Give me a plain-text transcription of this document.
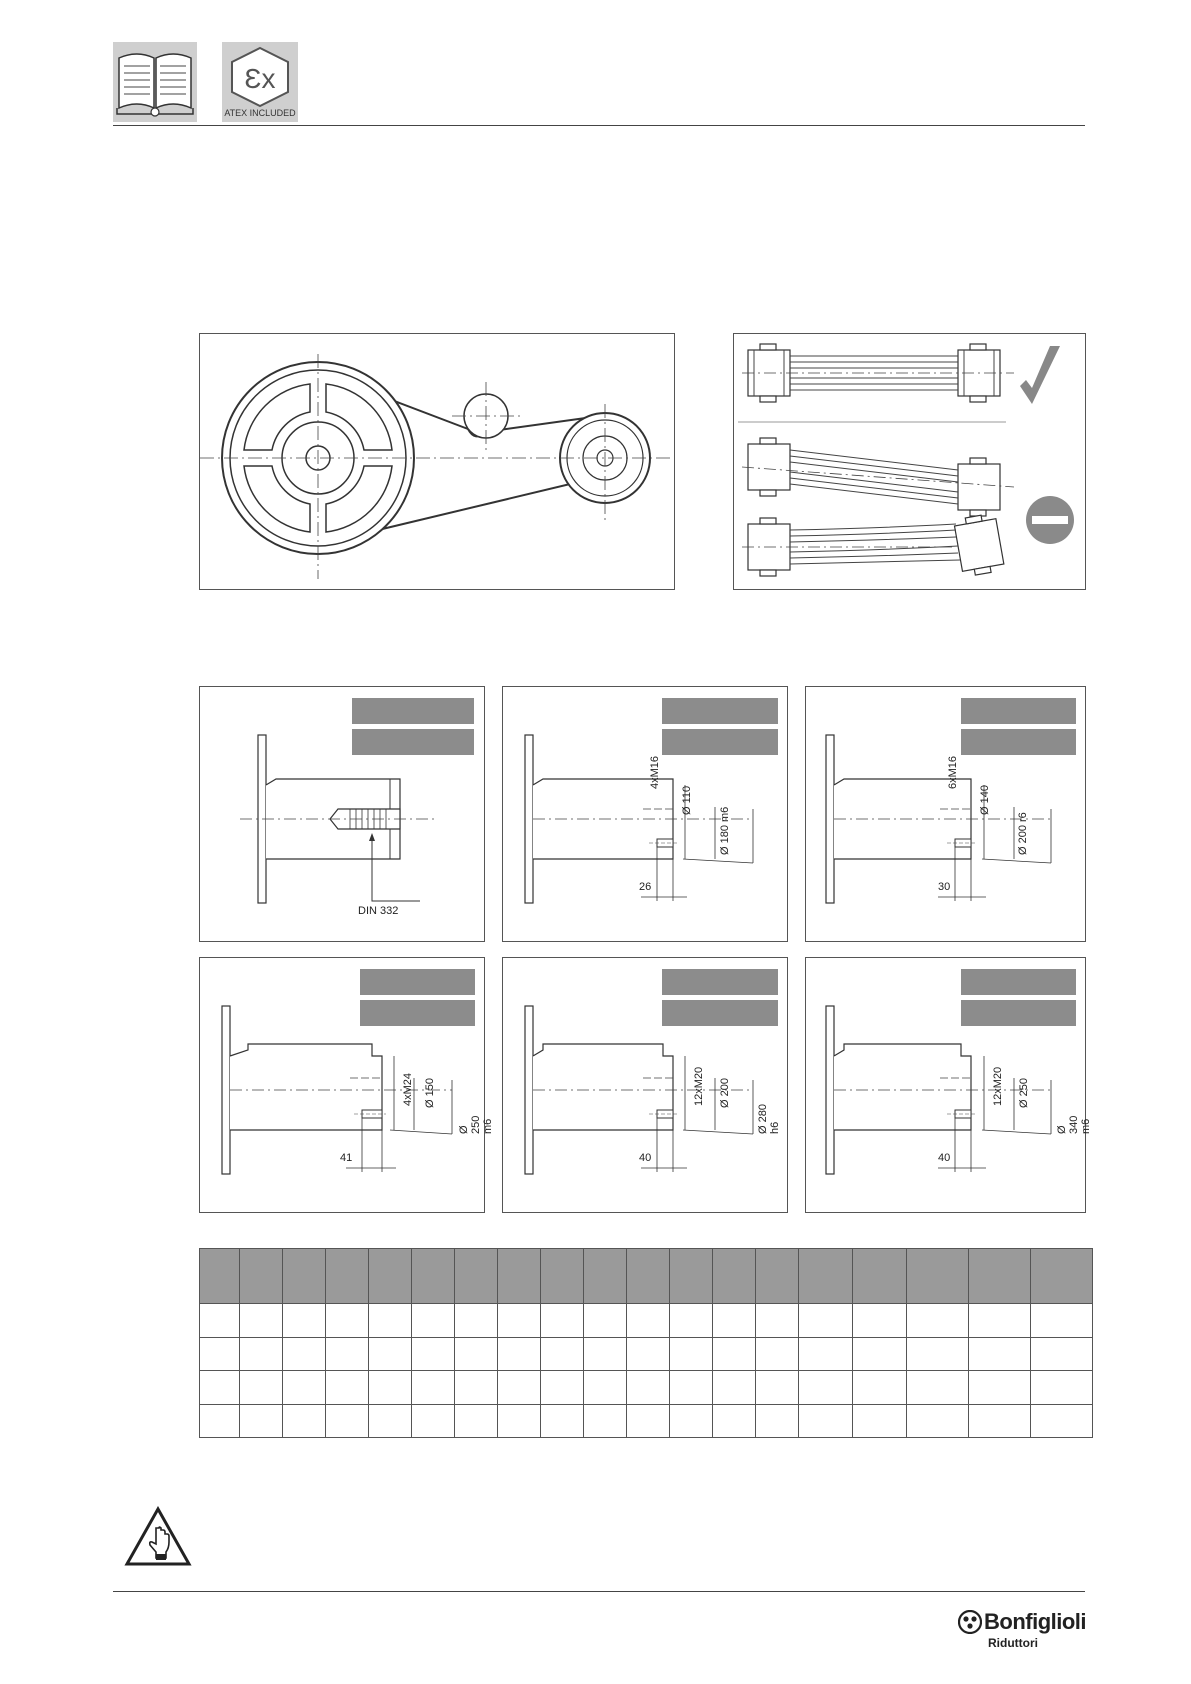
Ɛx
ATEX INCLUDED
DIN 332
4xM16
Ø 110
Ø 180 m6
26
6xM16
Ø 140
Ø 200 r6
30
4xM24 Ø 150
Ø 250 m6
41
12xM20 Ø 200
Ø 280 h6
40
12xM20 Ø 250
Ø 340 m6
40

Bonfiglioli
Riduttori
